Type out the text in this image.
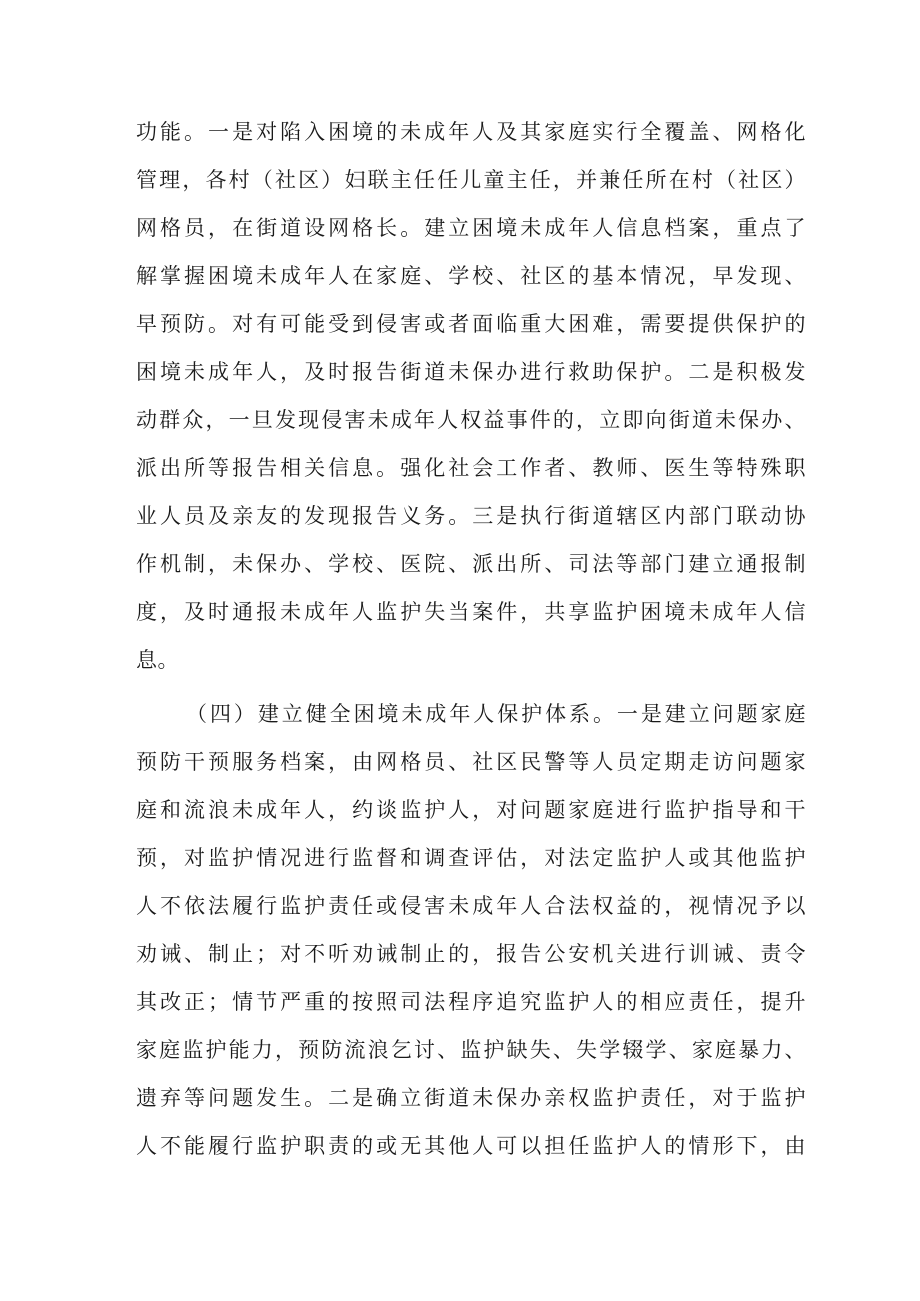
功能。一是对陷入困境的未成年人及其家庭实行全覆盖、网格化

管理，各村（社区）妇联主任任儿童主任，并兼任所在村（社区）

网格员，在街道设网格长。建立困境未成年人信息档案，重点了

解掌握困境未成年人在家庭、学校、社区的基本情况，早发现、

早预防。对有可能受到侵害或者面临重大困难，需要提供保护的

困境未成年人，及时报告街道未保办进行救助保护。二是积极发

动群众，一旦发现侵害未成年人权益事件的，立即向街道未保办、

派出所等报告相关信息。强化社会工作者、教师、医生等特殊职

业人员及亲友的发现报告义务。三是执行街道辖区内部门联动协

作机制，未保办、学校、医院、派出所、司法等部门建立通报制

度，及时通报未成年人监护失当案件，共享监护困境未成年人信

息。

（四）建立健全困境未成年人保护体系。一是建立问题家庭

预防干预服务档案，由网格员、社区民警等人员定期走访问题家

庭和流浪未成年人，约谈监护人，对问题家庭进行监护指导和干

预，对监护情况进行监督和调查评估，对法定监护人或其他监护

人不依法履行监护责任或侵害未成年人合法权益的，视情况予以

劝诫、制止；对不听劝诫制止的，报告公安机关进行训诫、责令

其改正；情节严重的按照司法程序追究监护人的相应责任，提升

家庭监护能力，预防流浪乞讨、监护缺失、失学辍学、家庭暴力、

遗弃等问题发生。二是确立街道未保办亲权监护责任，对于监护

人不能履行监护职责的或无其他人可以担任监护人的情形下，由
